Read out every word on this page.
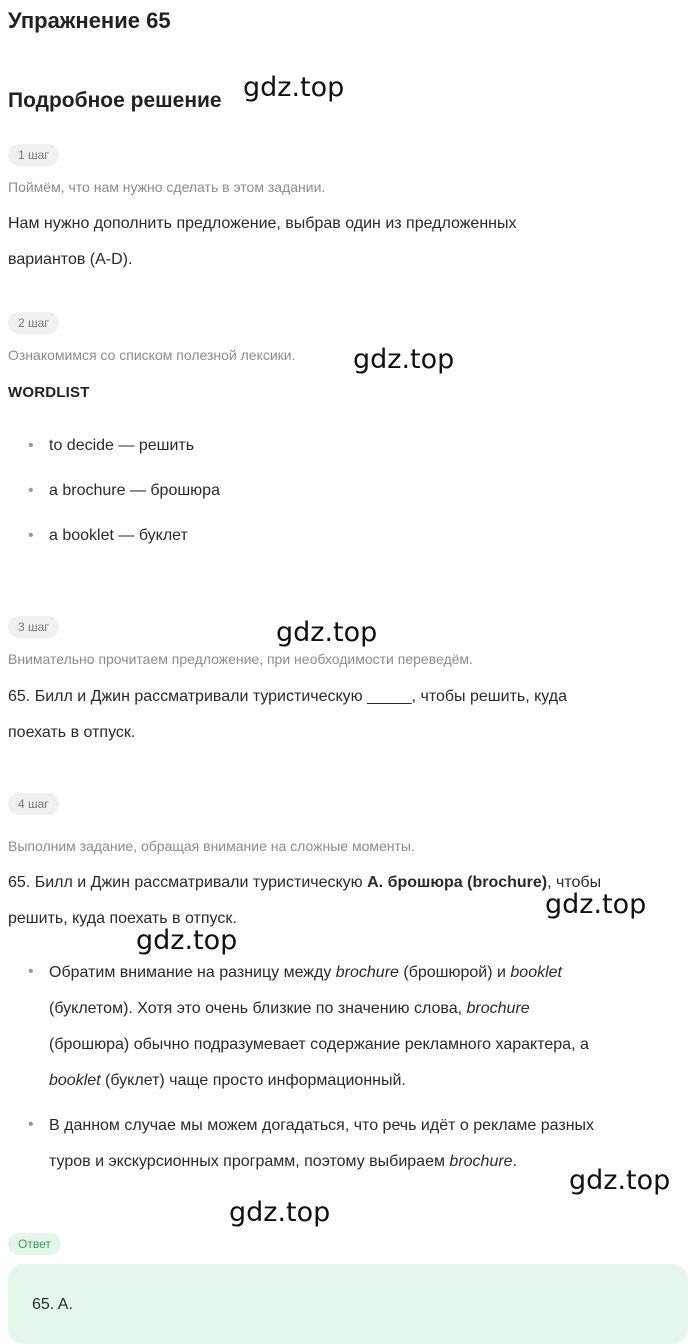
Упражнение 65
Подробное решение
1 шаг
Поймём, что нам нужно сделать в этом задании.
Нам нужно дополнить предложение, выбрав один из предложенных
вариантов (A-D).
2 шаг
Ознакомимся со списком полезной лексики.
WORDLIST
• to decide — решить
• a brochure — брошюра
• a booklet — буклет
3 шаг
Внимательно прочитаем предложение, при необходимости переведём.
65. Билл и Джин рассматривали туристическую _____, чтобы решить, куда
поехать в отпуск.
4 шаг
Выполним задание, обращая внимание на сложные моменты.
65. Билл и Джин рассматривали туристическую А. брошюра (brochure), чтобы
решить, куда поехать в отпуск.
• Обратим внимание на разницу между brochure (брошюрой) и booklet
(буклетом). Хотя это очень близкие по значению слова, brochure
(брошюра) обычно подразумевает содержание рекламного характера, а
booklet (буклет) чаще просто информационный.
• В данном случае мы можем догадаться, что речь идёт о рекламе разных
туров и экскурсионных программ, поэтому выбираем brochure.
Ответ
65. A.
gdz.top
gdz.top
gdz.top
gdz.top
gdz.top
gdz.top
gdz.top
